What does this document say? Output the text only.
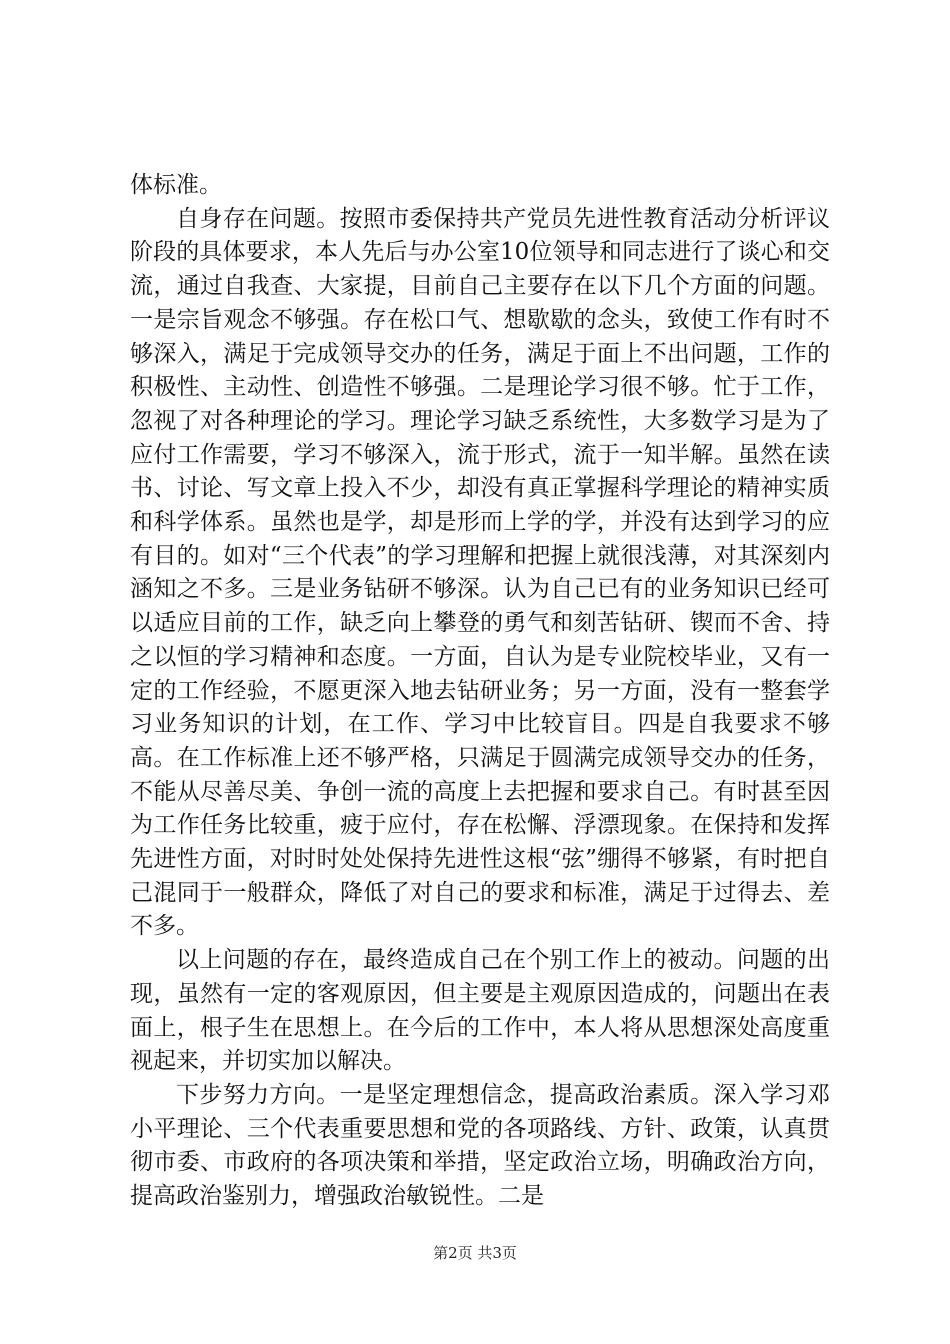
体标准。

自身存在问题。按照市委保持共产党员先进性教育活动分析评议阶段的具体要求，本人先后与办公室10位领导和同志进行了谈心和交流，通过自我查、大家提，目前自己主要存在以下几个方面的问题。一是宗旨观念不够强。存在松口气、想歇歇的念头，致使工作有时不够深入，满足于完成领导交办的任务，满足于面上不出问题，工作的积极性、主动性、创造性不够强。二是理论学习很不够。忙于工作，忽视了对各种理论的学习。理论学习缺乏系统性，大多数学习是为了应付工作需要，学习不够深入，流于形式，流于一知半解。虽然在读书、讨论、写文章上投入不少，却没有真正掌握科学理论的精神实质和科学体系。虽然也是学，却是形而上学的学，并没有达到学习的应有目的。如对“三个代表”的学习理解和把握上就很浅薄，对其深刻内涵知之不多。三是业务钻研不够深。认为自己已有的业务知识已经可以适应目前的工作，缺乏向上攀登的勇气和刻苦钻研、锲而不舍、持之以恒的学习精神和态度。一方面，自认为是专业院校毕业，又有一定的工作经验，不愿更深入地去钻研业务；另一方面，没有一整套学习业务知识的计划，在工作、学习中比较盲目。四是自我要求不够高。在工作标准上还不够严格，只满足于圆满完成领导交办的任务，不能从尽善尽美、争创一流的高度上去把握和要求自己。有时甚至因为工作任务比较重，疲于应付，存在松懈、浮漂现象。在保持和发挥先进性方面，对时时处处保持先进性这根“弦”绷得不够紧，有时把自己混同于一般群众，降低了对自己的要求和标准，满足于过得去、差不多。

以上问题的存在，最终造成自己在个别工作上的被动。问题的出现，虽然有一定的客观原因，但主要是主观原因造成的，问题出在表面上，根子生在思想上。在今后的工作中，本人将从思想深处高度重视起来，并切实加以解决。

下步努力方向。一是坚定理想信念，提高政治素质。深入学习邓小平理论、三个代表重要思想和党的各项路线、方针、政策，认真贯彻市委、市政府的各项决策和举措，坚定政治立场，明确政治方向，提高政治鉴别力，增强政治敏锐性。二是

第2页 共3页
